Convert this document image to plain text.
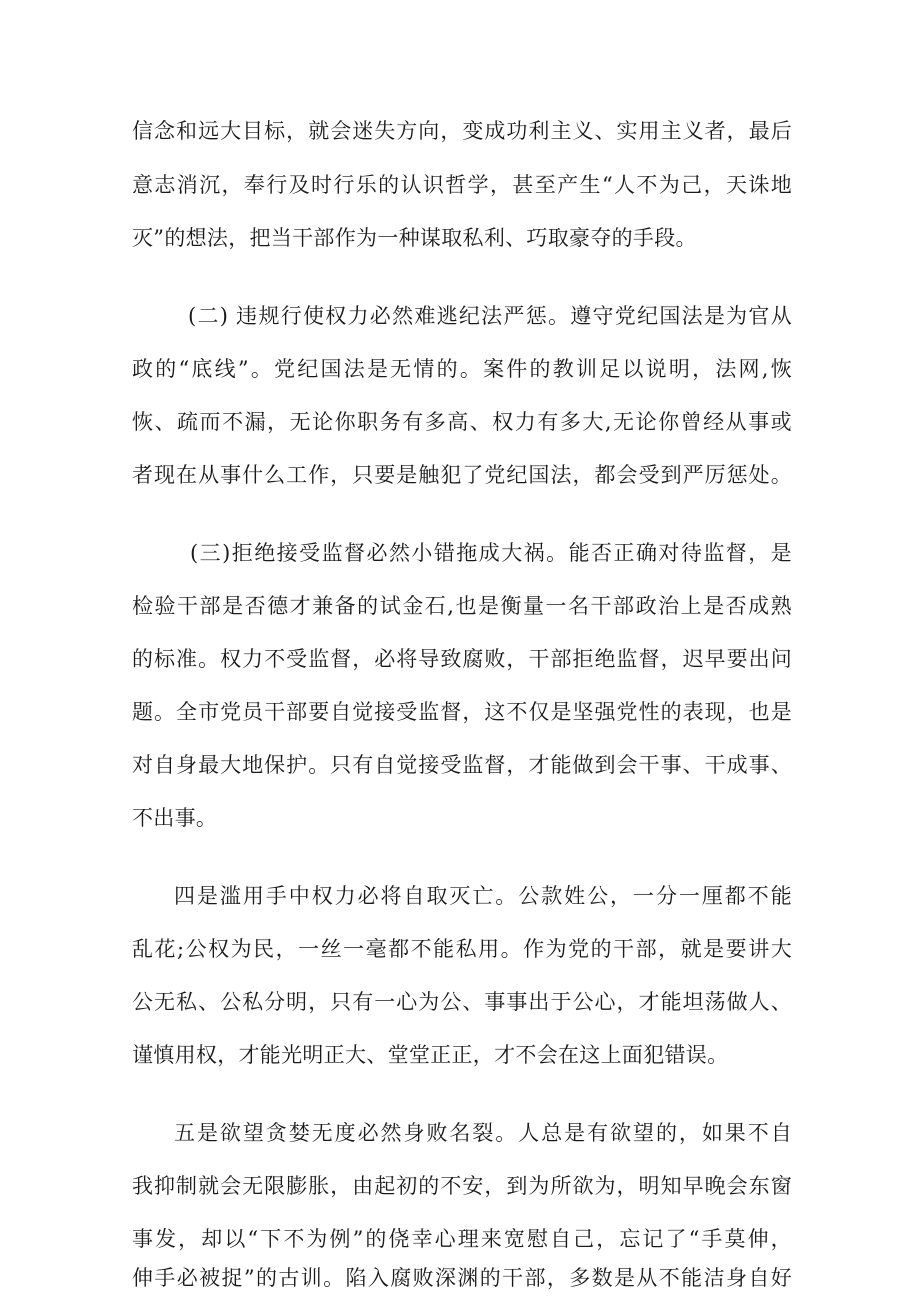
信念和远大目标，就会迷失方向，变成功利主义、实用主义者，最后

意志消沉，奉行及时行乐的认识哲学，甚至产生“人不为己，天诛地

灭”的想法，把当干部作为一种谋取私利、巧取豪夺的手段。

(二) 违规行使权力必然难逃纪法严惩。遵守党纪国法是为官从

政的“底线”。党纪国法是无情的。案件的教训足以说明，法网,恢

恢、疏而不漏，无论你职务有多高、权力有多大,无论你曾经从事或

者现在从事什么工作，只要是触犯了党纪国法，都会受到严厉惩处。

(三)拒绝接受监督必然小错拖成大祸。能否正确对待监督，是

检验干部是否德才兼备的试金石,也是衡量一名干部政治上是否成熟

的标准。权力不受监督，必将导致腐败，干部拒绝监督，迟早要出问

题。全市党员干部要自觉接受监督，这不仅是坚强党性的表现，也是

对自身最大地保护。只有自觉接受监督，才能做到会干事、干成事、

不出事。

四是滥用手中权力必将自取灭亡。公款姓公，一分一厘都不能

乱花;公权为民，一丝一毫都不能私用。作为党的干部，就是要讲大

公无私、公私分明，只有一心为公、事事出于公心，才能坦荡做人、

谨慎用权，才能光明正大、堂堂正正，才不会在这上面犯错误。

五是欲望贪婪无度必然身败名裂。人总是有欲望的，如果不自

我抑制就会无限膨胀，由起初的不安，到为所欲为，明知早晚会东窗

事发，却以“下不为例”的侥幸心理来宽慰自己，忘记了“手莫伸，

伸手必被捉”的古训。陷入腐败深渊的干部，多数是从不能洁身自好
